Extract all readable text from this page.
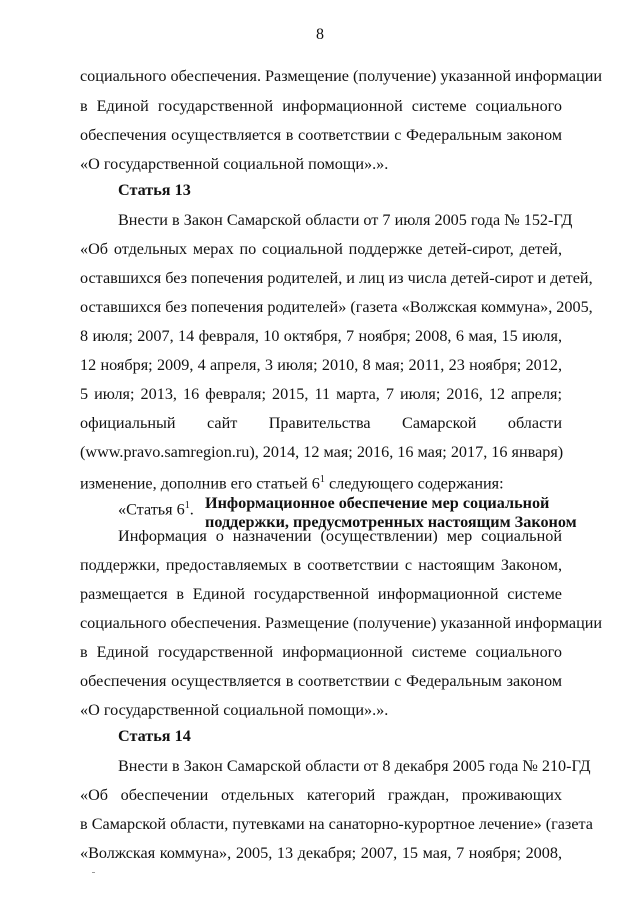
8
социального обеспечения. Размещение (получение) указанной информации
в Единой государственной информационной системе социального
обеспечения осуществляется в соответствии с Федеральным законом
«О государственной социальной помощи».».
Статья 13
Внести в Закон Самарской области от 7 июля 2005 года № 152-ГД
«Об отдельных мерах по социальной поддержке детей-сирот, детей,
оставшихся без попечения родителей, и лиц из числа детей-сирот и детей,
оставшихся без попечения родителей» (газета «Волжская коммуна», 2005,
8 июля; 2007, 14 февраля, 10 октября, 7 ноября; 2008, 6 мая, 15 июля,
12 ноября; 2009, 4 апреля, 3 июля; 2010, 8 мая; 2011, 23 ноября; 2012,
5 июля; 2013, 16 февраля; 2015, 11 марта, 7 июля; 2016, 12 апреля;
официальный сайт Правительства Самарской области
(www.pravo.samregion.ru), 2014, 12 мая; 2016, 16 мая; 2017, 16 января)
изменение, дополнив его статьей $6^1$ следующего содержания:
«Статья $6^1$. Информационное обеспечение мер социальной
поддержки, предусмотренных настоящим Законом
Информация о назначении (осуществлении) мер социальной
поддержки, предоставляемых в соответствии с настоящим Законом,
размещается в Единой государственной информационной системе
социального обеспечения. Размещение (получение) указанной информации
в Единой государственной информационной системе социального
обеспечения осуществляется в соответствии с Федеральным законом
«О государственной социальной помощи».».
Статья 14
Внести в Закон Самарской области от 8 декабря 2005 года № 210-ГД
«Об обеспечении отдельных категорий граждан, проживающих
в Самарской области, путевками на санаторно-курортное лечение» (газета
«Волжская коммуна», 2005, 13 декабря; 2007, 15 мая, 7 ноября; 2008,
